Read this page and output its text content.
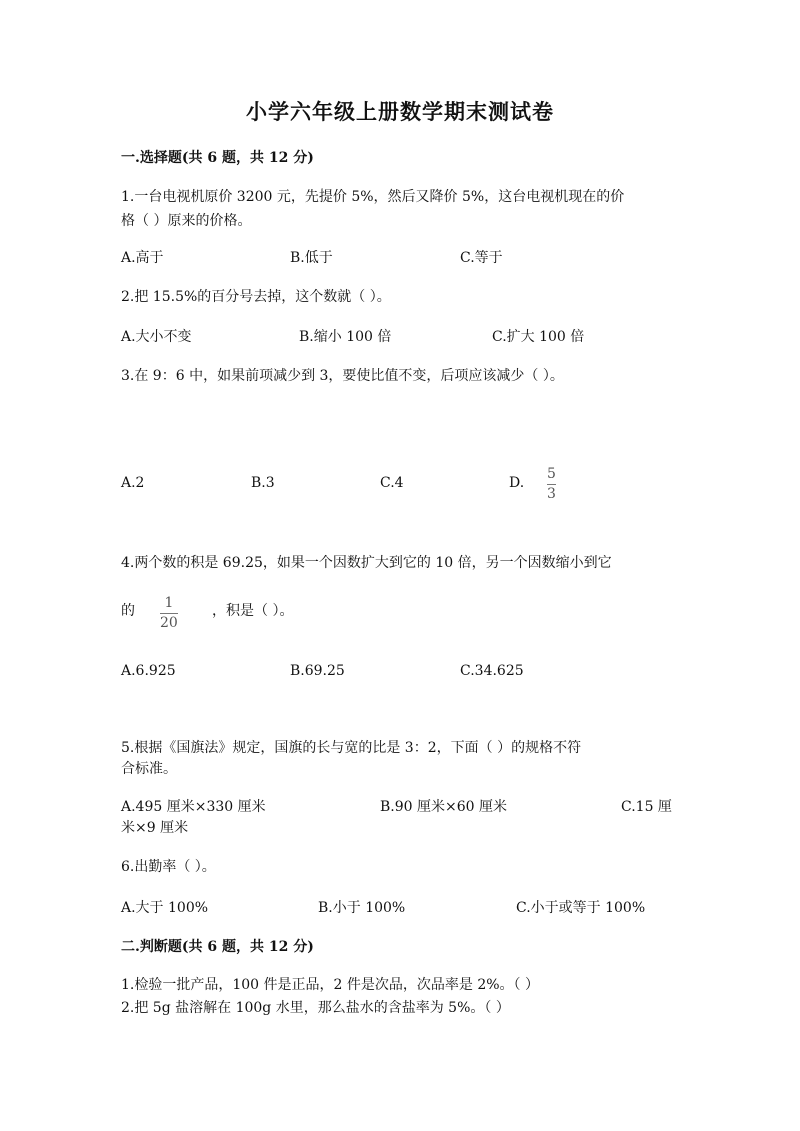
小学六年级上册数学期末测试卷
一.选择题(共 6 题，共 12 分)
1.一台电视机原价 3200 元，先提价 5%，然后又降价 5%，这台电视机现在的价
格（ ）原来的价格。
A.高于	B.低于	C.等于
2.把 15.5%的百分号去掉，这个数就（ ）。
A.大小不变	B.缩小 100 倍	C.扩大 100 倍
3.在 9：6 中，如果前项减少到 3，要使比值不变，后项应该减少（ ）。
A.2	B.3	C.4	D.
5
3
4.两个数的积是 69.25，如果一个因数扩大到它的 10 倍，另一个因数缩小到它
的 1
20
，积是（ ）。
A.6.925	B.69.25	C.34.625
5.根据《国旗法》规定，国旗的长与宽的比是 3：2，下面（ ）的规格不符
合标准。
A.495 厘米×330 厘米	B.90 厘米×60 厘米	C.15 厘
米×9 厘米
6.出勤率（ ）。
A.大于 100%	B.小于 100%	C.小于或等于 100%
二.判断题(共 6 题，共 12 分)
1.检验一批产品，100 件是正品，2 件是次品，次品率是 2%。（ ）
2.把 5g 盐溶解在 100g 水里，那么盐水的含盐率为 5%。（ ）
